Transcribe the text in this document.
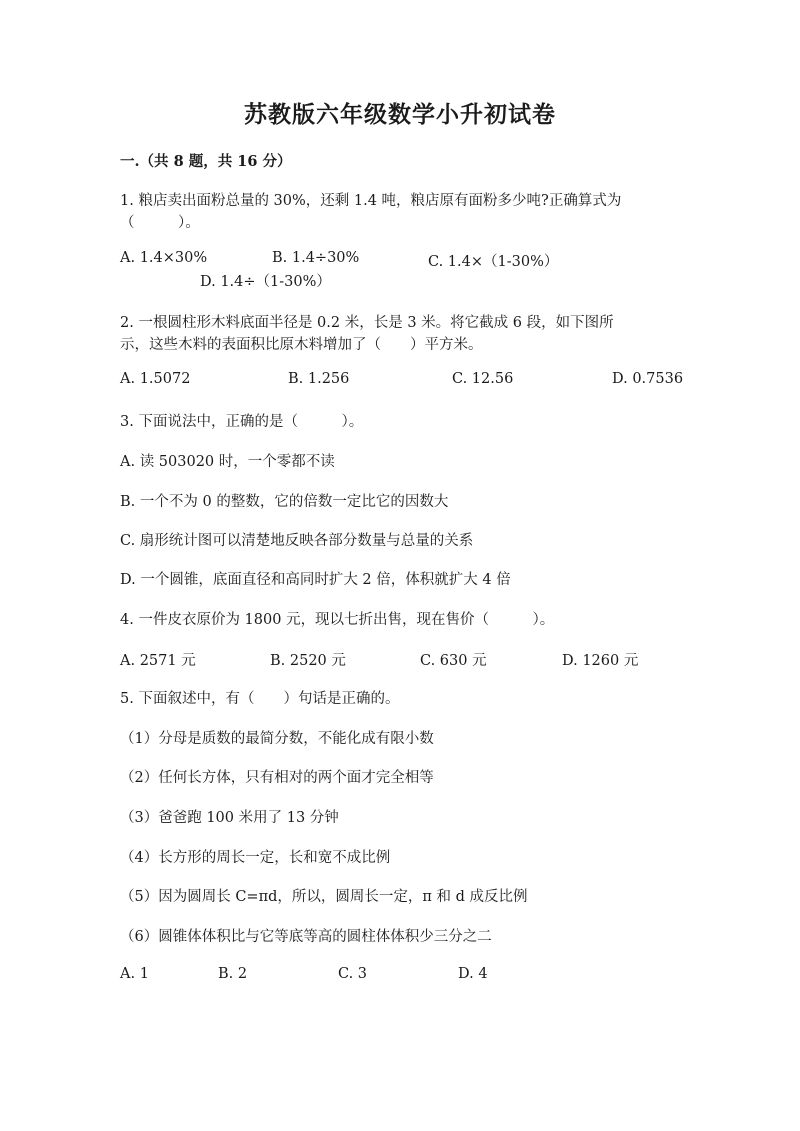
苏教版六年级数学小升初试卷
一.（共 8 题，共 16 分）
1. 粮店卖出面粉总量的 30%，还剩 1.4 吨，粮店原有面粉多少吨?正确算式为
（　　　）。
A. 1.4×30%	B. 1.4÷30%	C. 1.4×（1-30%）
D. 1.4÷（1-30%）
2. 一根圆柱形木料底面半径是 0.2 米，长是 3 米。将它截成 6 段，如下图所
示，这些木料的表面积比原木料增加了（　　）平方米。
A. 1.5072	B. 1.256	C. 12.56	D. 0.7536
3. 下面说法中，正确的是（　　　）。
A. 读 503020 时，一个零都不读
B. 一个不为 0 的整数，它的倍数一定比它的因数大
C. 扇形统计图可以清楚地反映各部分数量与总量的关系
D. 一个圆锥，底面直径和高同时扩大 2 倍，体积就扩大 4 倍
4. 一件皮衣原价为 1800 元，现以七折出售，现在售价（　　　）。
A. 2571 元	B. 2520 元	C. 630 元	D. 1260 元
5. 下面叙述中，有（　　）句话是正确的。
（1）分母是质数的最简分数，不能化成有限小数
（2）任何长方体，只有相对的两个面才完全相等
（3）爸爸跑 100 米用了 13 分钟
（4）长方形的周长一定，长和宽不成比例
（5）因为圆周长 C=πd，所以，圆周长一定，π 和 d 成反比例
（6）圆锥体体积比与它等底等高的圆柱体体积少三分之二
A. 1	B. 2	C. 3	D. 4
